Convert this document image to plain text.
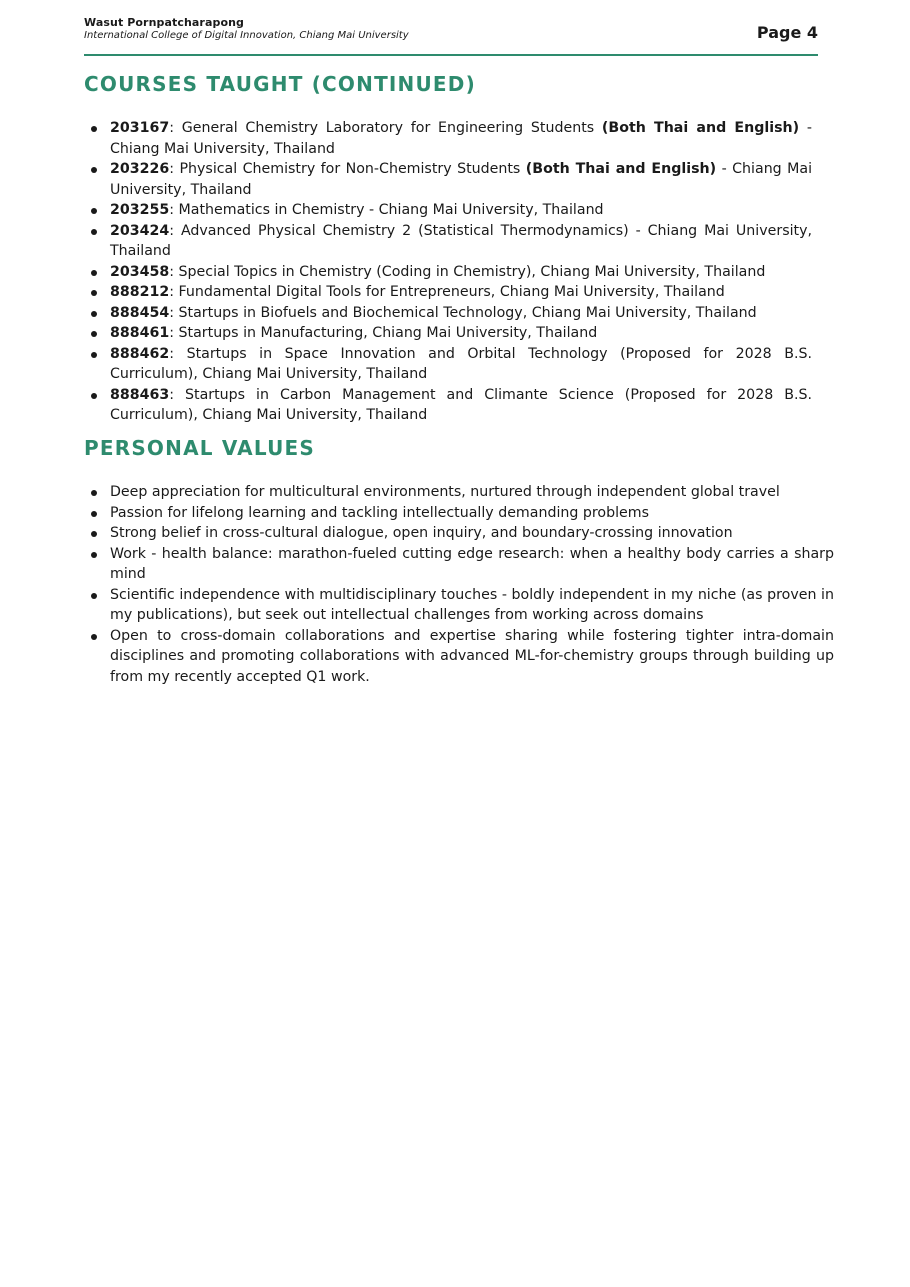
Wasut Pornpatcharapong
International College of Digital Innovation, Chiang Mai University	Page 4
COURSES TAUGHT (CONTINUED)
203167: General Chemistry Laboratory for Engineering Students (Both Thai and English) - Chiang Mai University, Thailand
203226: Physical Chemistry for Non-Chemistry Students (Both Thai and English) - Chiang Mai University, Thailand
203255: Mathematics in Chemistry - Chiang Mai University, Thailand
203424: Advanced Physical Chemistry 2 (Statistical Thermodynamics) - Chiang Mai University, Thailand
203458: Special Topics in Chemistry (Coding in Chemistry), Chiang Mai University, Thailand
888212: Fundamental Digital Tools for Entrepreneurs, Chiang Mai University, Thailand
888454: Startups in Biofuels and Biochemical Technology, Chiang Mai University, Thailand
888461: Startups in Manufacturing, Chiang Mai University, Thailand
888462: Startups in Space Innovation and Orbital Technology (Proposed for 2028 B.S. Curriculum), Chiang Mai University, Thailand
888463: Startups in Carbon Management and Climante Science (Proposed for 2028 B.S. Curriculum), Chiang Mai University, Thailand
PERSONAL VALUES
Deep appreciation for multicultural environments, nurtured through independent global travel
Passion for lifelong learning and tackling intellectually demanding problems
Strong belief in cross-cultural dialogue, open inquiry, and boundary-crossing innovation
Work - health balance: marathon-fueled cutting edge research: when a healthy body carries a sharp mind
Scientific independence with multidisciplinary touches - boldly independent in my niche (as proven in my publications), but seek out intellectual challenges from working across domains
Open to cross-domain collaborations and expertise sharing while fostering tighter intra-domain disciplines and promoting collaborations with advanced ML-for-chemistry groups through building up from my recently accepted Q1 work.
